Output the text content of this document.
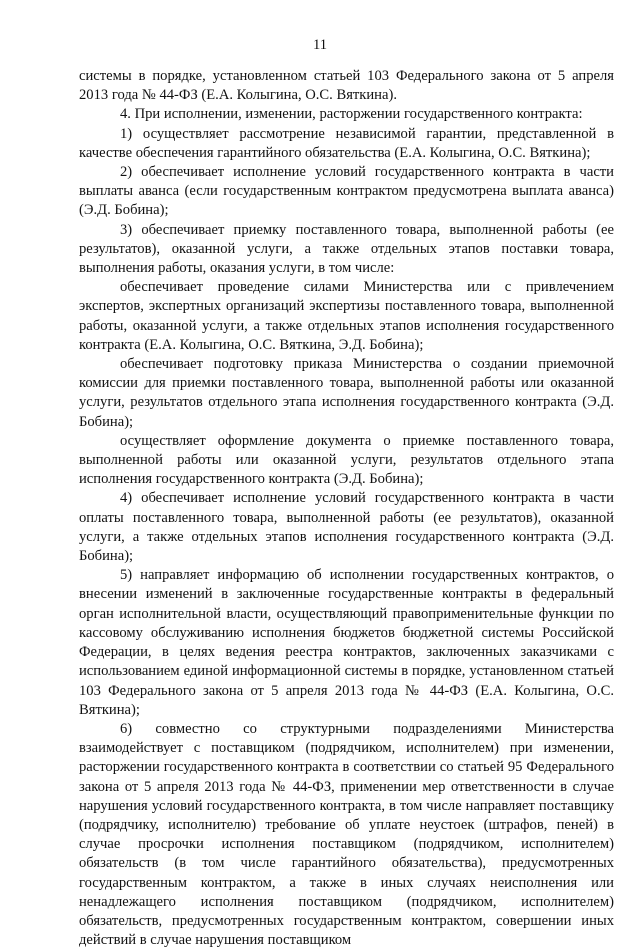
11

системы в порядке, установленном статьей 103 Федерального закона от 5 апреля 2013 года № 44-ФЗ (Е.А. Колыгина, О.С. Вяткина).

4. При исполнении, изменении, расторжении государственного контракта:

1) осуществляет рассмотрение независимой гарантии, представленной в качестве обеспечения гарантийного обязательства (Е.А. Колыгина, О.С. Вяткина);

2) обеспечивает исполнение условий государственного контракта в части выплаты аванса (если государственным контрактом предусмотрена выплата аванса) (Э.Д. Бобина);

3) обеспечивает приемку поставленного товара, выполненной работы (ее результатов), оказанной услуги, а также отдельных этапов поставки товара, выполнения работы, оказания услуги, в том числе:

обеспечивает проведение силами Министерства или с привлечением экспертов, экспертных организаций экспертизы поставленного товара, выполненной работы, оказанной услуги, а также отдельных этапов исполнения государственного контракта (Е.А. Колыгина, О.С. Вяткина, Э.Д. Бобина);

обеспечивает подготовку приказа Министерства о создании приемочной комиссии для приемки поставленного товара, выполненной работы или оказанной услуги, результатов отдельного этапа исполнения государственного контракта (Э.Д. Бобина);

осуществляет оформление документа о приемке поставленного товара, выполненной работы или оказанной услуги, результатов отдельного этапа исполнения государственного контракта (Э.Д. Бобина);

4) обеспечивает исполнение условий государственного контракта в части оплаты поставленного товара, выполненной работы (ее результатов), оказанной услуги, а также отдельных этапов исполнения государственного контракта (Э.Д. Бобина);

5) направляет информацию об исполнении государственных контрактов, о внесении изменений в заключенные государственные контракты в федеральный орган исполнительной власти, осуществляющий правоприменительные функции по кассовому обслуживанию исполнения бюджетов бюджетной системы Российской Федерации, в целях ведения реестра контрактов, заключенных заказчиками с использованием единой информационной системы в порядке, установленном статьей 103 Федерального закона от 5 апреля 2013 года № 44-ФЗ (Е.А. Колыгина, О.С. Вяткина);

6) совместно со структурными подразделениями Министерства взаимодействует с поставщиком (подрядчиком, исполнителем) при изменении, расторжении государственного контракта в соответствии со статьей 95 Федерального закона от 5 апреля 2013 года № 44-ФЗ, применении мер ответственности в случае нарушения условий государственного контракта, в том числе направляет поставщику (подрядчику, исполнителю) требование об уплате неустоек (штрафов, пеней) в случае просрочки исполнения поставщиком (подрядчиком, исполнителем) обязательств (в том числе гарантийного обязательства), предусмотренных государственным контрактом, а также в иных случаях неисполнения или ненадлежащего исполнения поставщиком (подрядчиком, исполнителем) обязательств, предусмотренных государственным контрактом, совершении иных действий в случае нарушения поставщиком
